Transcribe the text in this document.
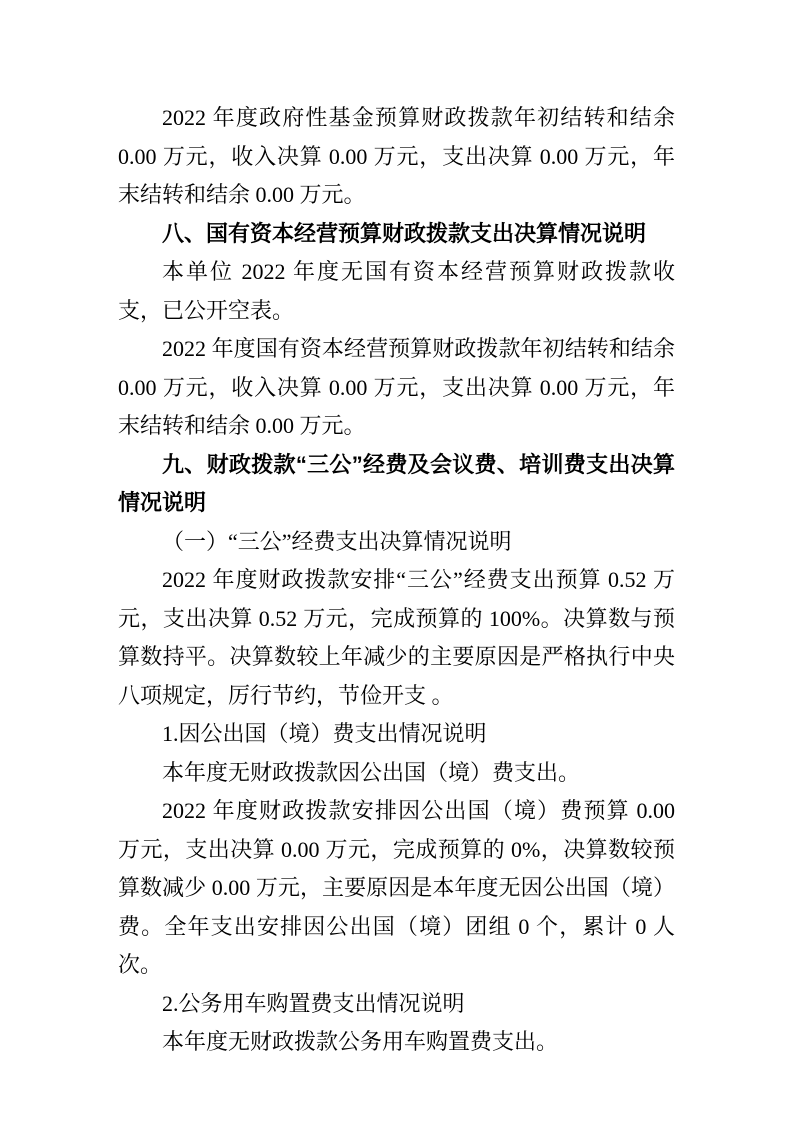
2022 年度政府性基金预算财政拨款年初结转和结余 0.00 万元，收入决算 0.00 万元，支出决算 0.00 万元，年末结转和结余 0.00 万元。

八、国有资本经营预算财政拨款支出决算情况说明

本单位 2022 年度无国有资本经营预算财政拨款收支，已公开空表。

2022 年度国有资本经营预算财政拨款年初结转和结余 0.00 万元，收入决算 0.00 万元，支出决算 0.00 万元，年末结转和结余 0.00 万元。

九、财政拨款“三公”经费及会议费、培训费支出决算情况说明

（一）“三公”经费支出决算情况说明

2022 年度财政拨款安排“三公”经费支出预算 0.52 万元，支出决算 0.52 万元，完成预算的 100%。决算数与预算数持平。决算数较上年减少的主要原因是严格执行中央八项规定，厉行节约，节俭开支 。

1.因公出国（境）费支出情况说明

本年度无财政拨款因公出国（境）费支出。

2022 年度财政拨款安排因公出国（境）费预算 0.00 万元，支出决算 0.00 万元，完成预算的 0%，决算数较预算数减少 0.00 万元，主要原因是本年度无因公出国（境）费。全年支出安排因公出国（境）团组 0 个，累计 0 人次。

2.公务用车购置费支出情况说明

本年度无财政拨款公务用车购置费支出。
